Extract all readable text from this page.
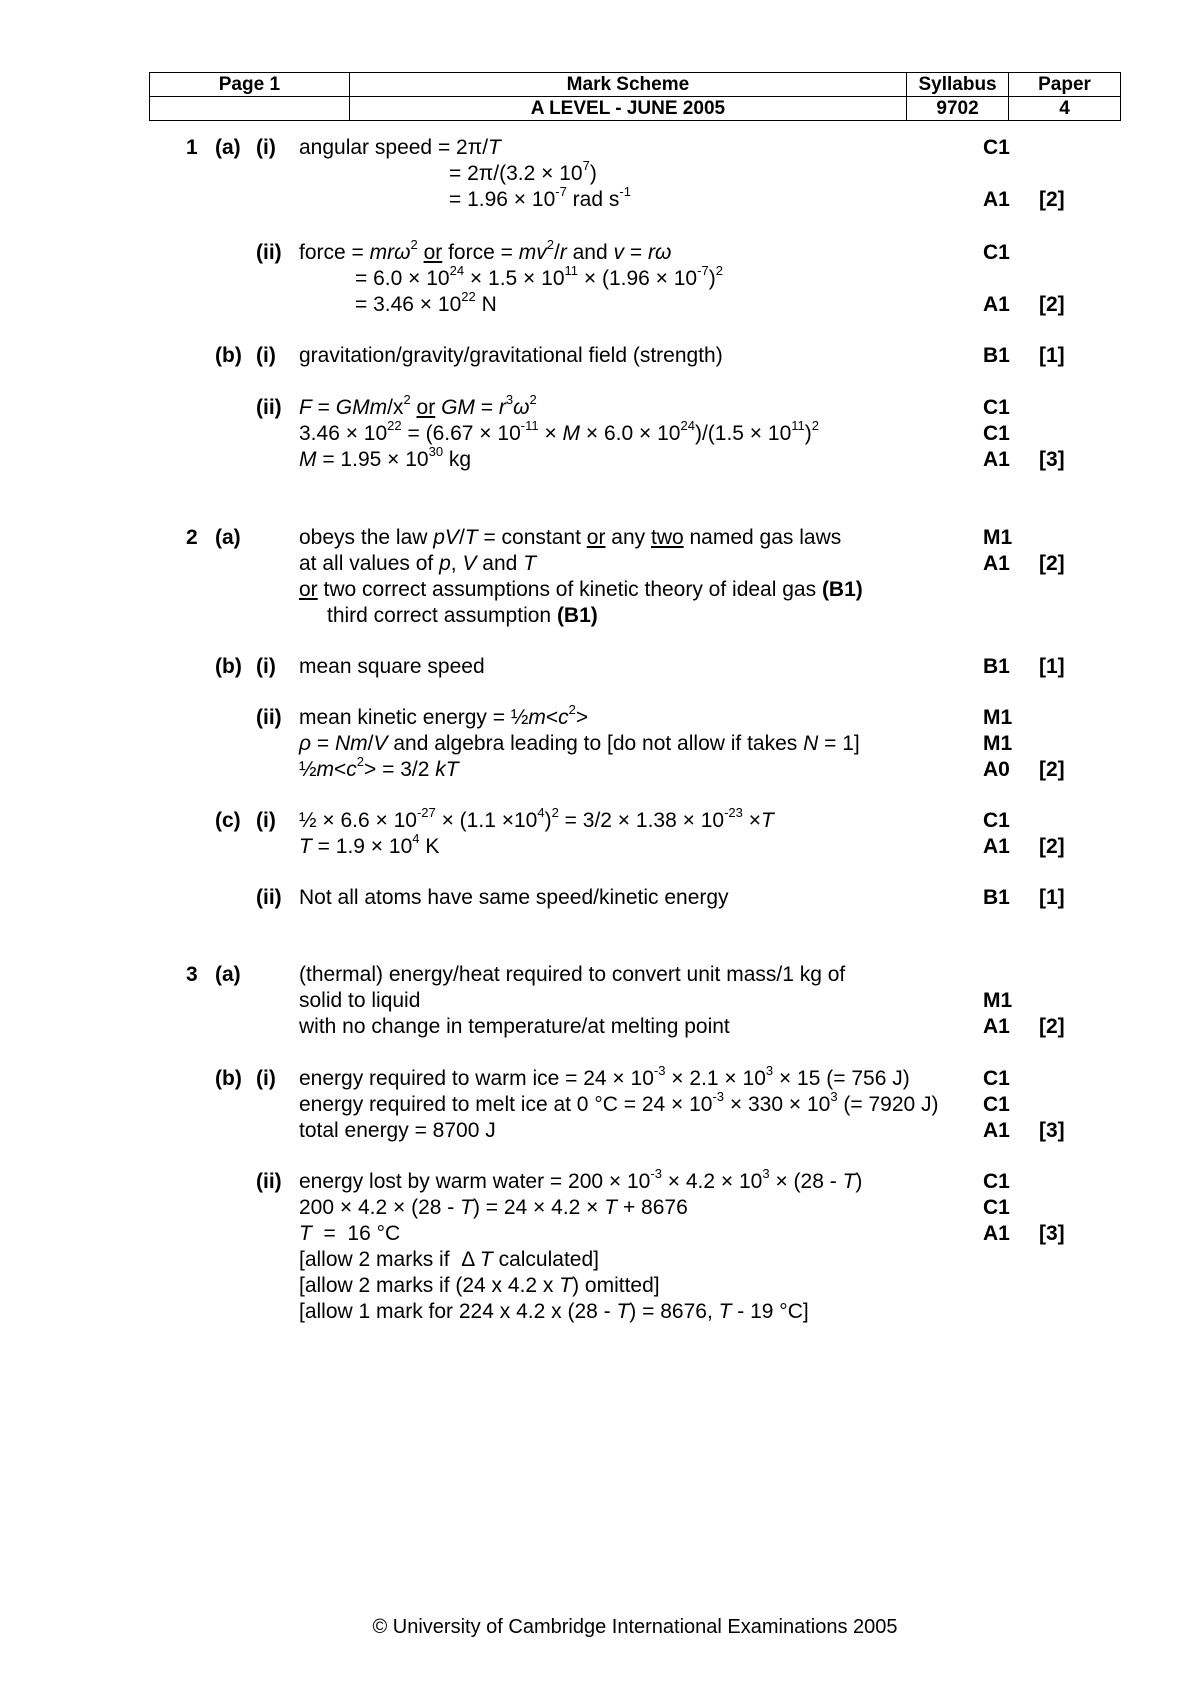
Page 1	Mark Scheme	Syllabus	Paper
	A LEVEL - JUNE 2005	9702	4
1 (a) (i) angular speed = 2π/T	C1
= $2\pi/(3.2 \times 10^7)$
= $1.96 \times 10^{-7}$ rad $s^{-1}$	A1 [2]
(ii) force = mrω$^2$ or force = $mv^2/r$ and v = rω	C1
= $6.0 \times 10^{24} \times 1.5 \times 10^{11} \times (1.96 \times 10^{-7})^2$
= $3.46 \times 10^{22}$ N	A1 [2]
(b) (i) gravitation/gravity/gravitational field (strength)	B1 [1]
(ii) F = GMm/$x^2$ or GM = $r^3\omega^2$	C1
$3.46 \times 10^{22} = (6.67 \times 10^{-11} \times M \times 6.0 \times 10^{24})/(1.5 \times 10^{11})^2$	C1
$M = 1.95 \times 10^{30}$ kg	A1 [3]
2 (a)	obeys the law pV/T = constant or any two named gas laws	M1
at all values of p, V and T	A1 [2]
or two correct assumptions of kinetic theory of ideal gas (B1)
third correct assumption (B1)
(b) (i) mean square speed	B1 [1]
(ii) mean kinetic energy = $\frac{1}{2}m<c^2>$	M1
ρ = Nm/V and algebra leading to [do not allow if takes N = 1]	M1
$\frac{1}{2}m<c^2> = 3/2$ kT	A0 [2]
(c) (i) ½ × $6.6 \times 10^{-27} \times (1.1 \times 10^4)^2 = 3/2 \times 1.38 \times 10^{-23} \times T$	C1
$T = 1.9 \times 10^4$ K	A1 [2]
(ii) Not all atoms have same speed/kinetic energy	B1 [1]
3 (a)	(thermal) energy/heat required to convert unit mass/1 kg of
solid to liquid	M1
with no change in temperature/at melting point	A1 [2]
(b) (i) energy required to warm ice = $24 \times 10^{-3} \times 2.1 \times 10^3 \times 15$ (= 756 J)	C1
energy required to melt ice at 0 $^\circ C = 24 \times 10^{-3} \times 330 \times 10^3$ (= 7920 J) C1
total energy = 8700 J	A1 [3]
(ii) energy lost by warm water = $200 \times 10^{-3} \times 4.2 \times 10^3 \times (28 - T)$	C1
200 × 4.2 × (28 - T) = 24 × 4.2 × T + 8676	C1
T  =  16 °C	A1 [3]
[allow 2 marks if  Δ T calculated]
[allow 2 marks if (24 x 4.2 x T) omitted]
[allow 1 mark for 224 x 4.2 x (28 - T) = 8676, T - 19 °C]
© University of Cambridge International Examinations 2005
